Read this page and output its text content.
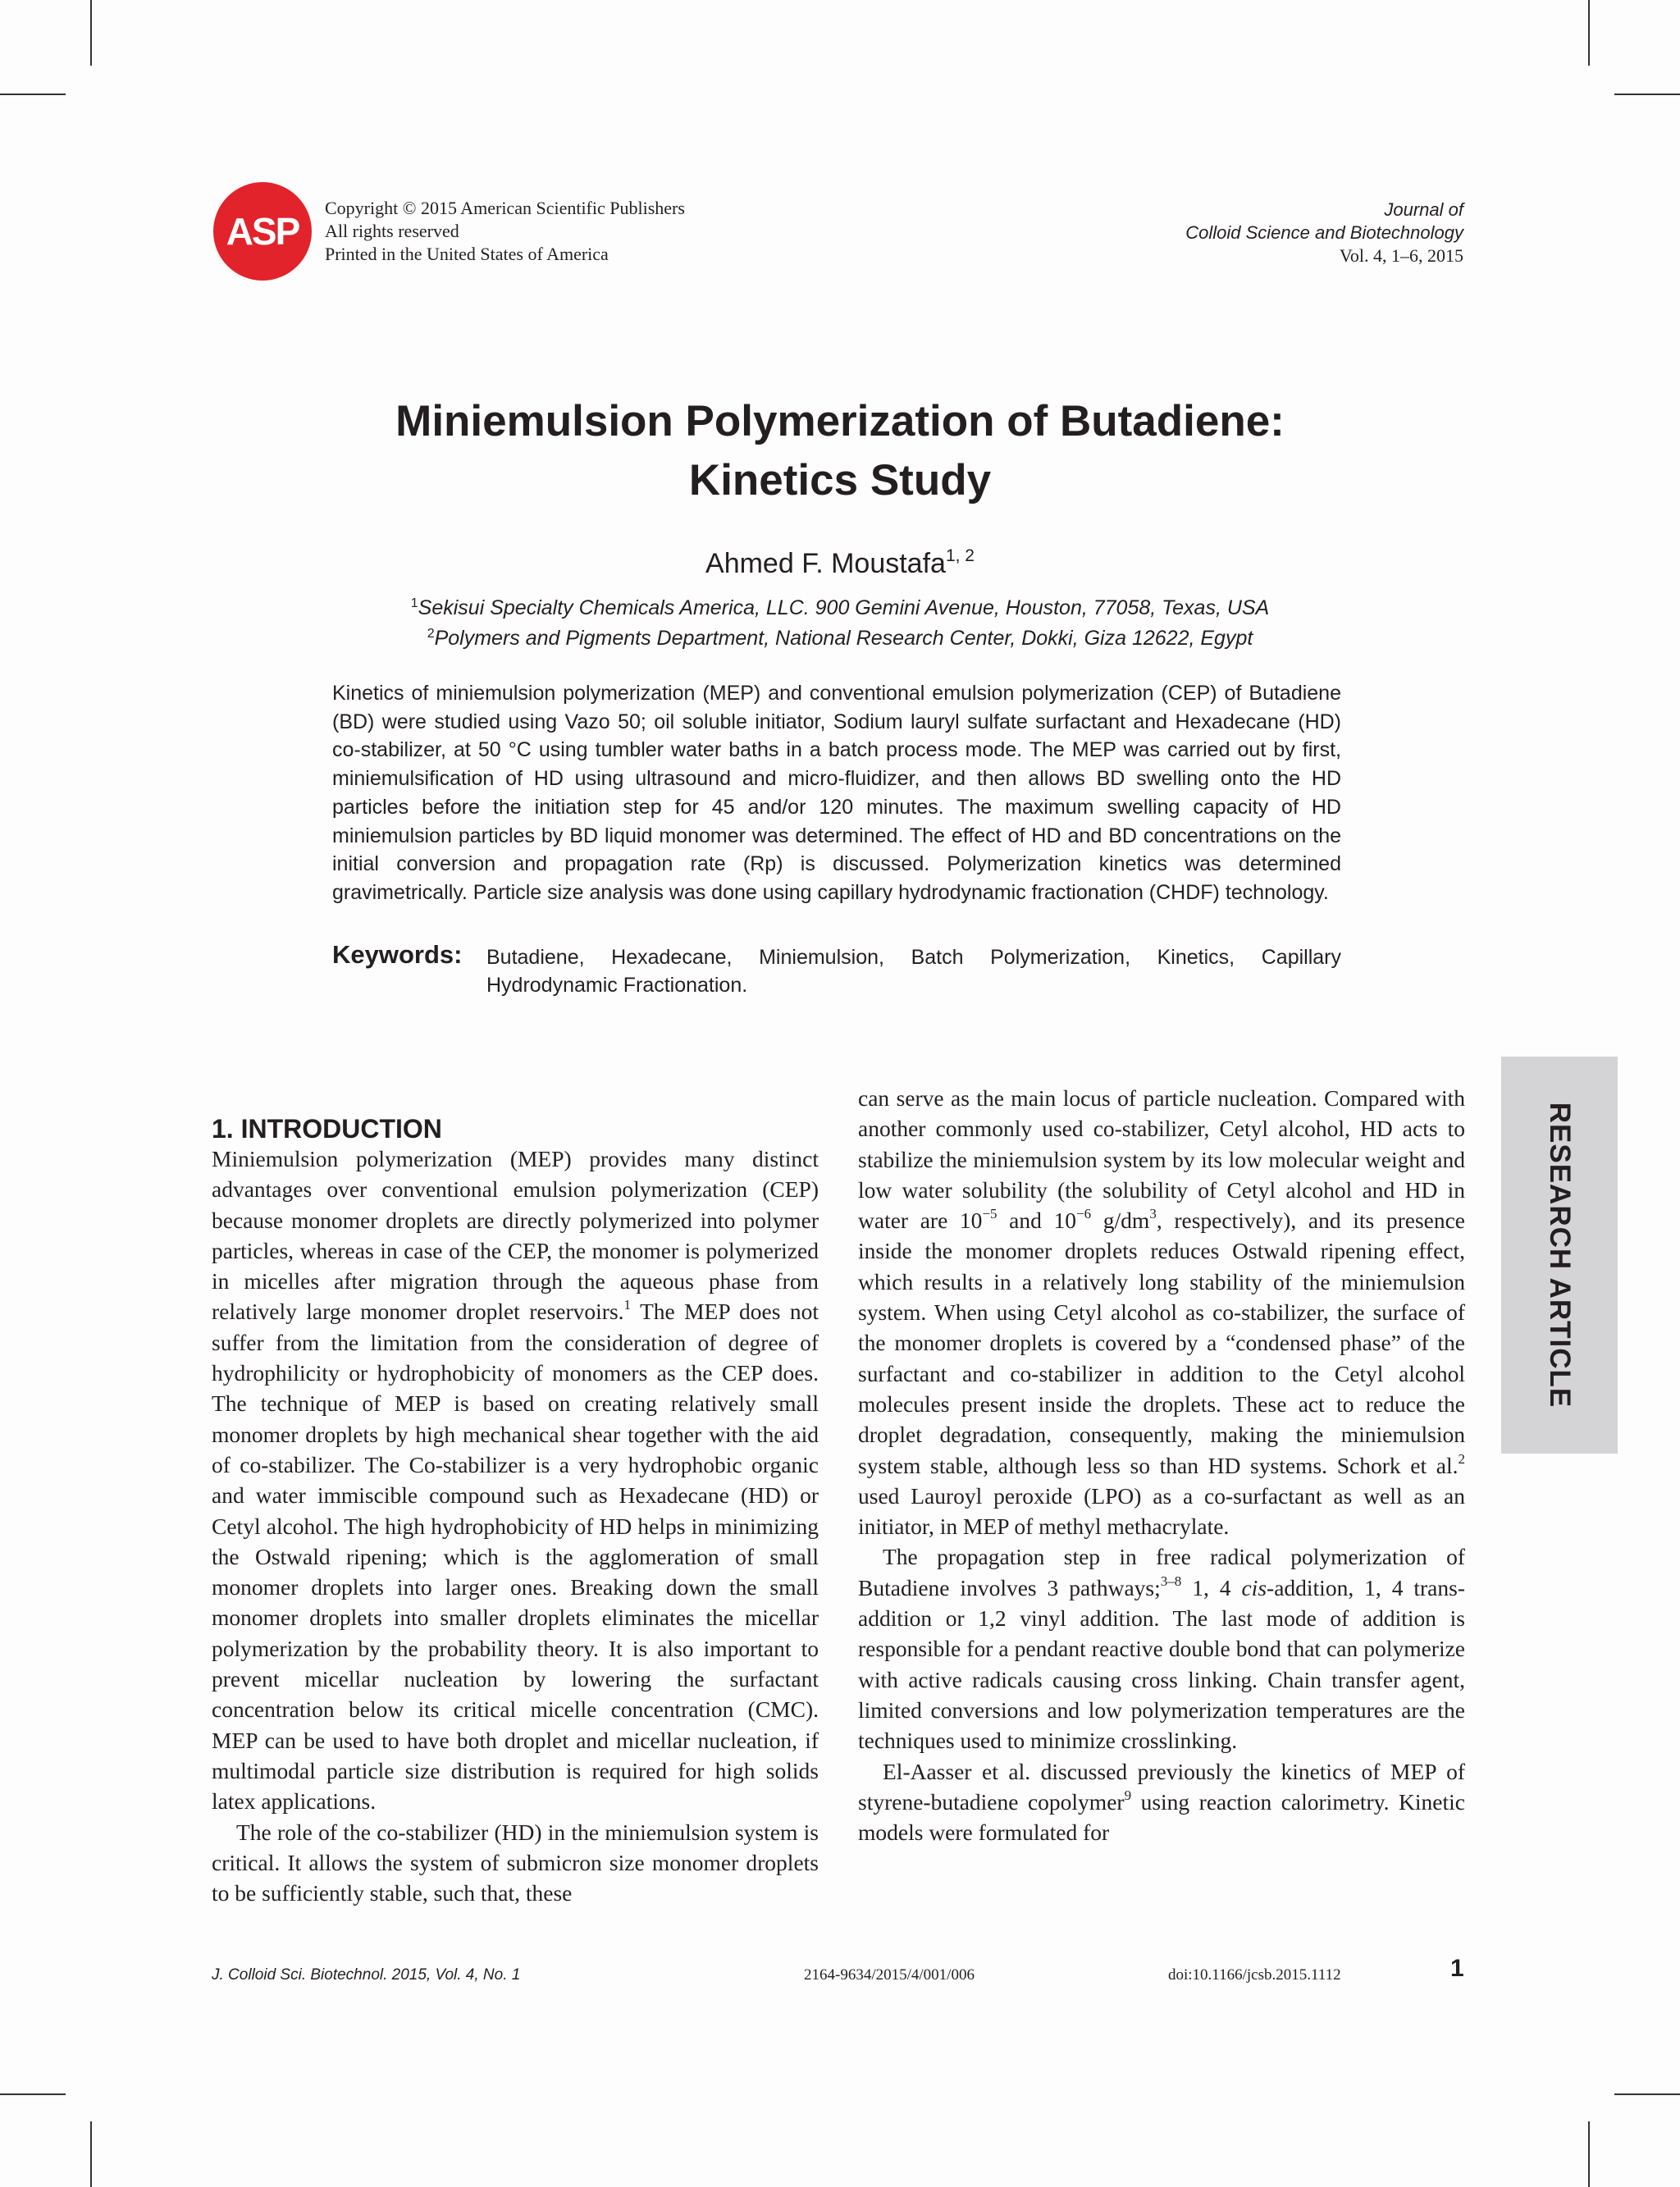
ASP
Copyright © 2015 American Scientific Publishers
All rights reserved
Printed in the United States of America
Journal of
Colloid Science and Biotechnology
Vol. 4, 1–6, 2015
Miniemulsion Polymerization of Butadiene:
Kinetics Study
Ahmed F. Moustafa$^{1, 2}$
$^1$Sekisui Specialty Chemicals America, LLC. 900 Gemini Avenue, Houston, 77058, Texas, USA
$^2$Polymers and Pigments Department, National Research Center, Dokki, Giza 12622, Egypt
Kinetics of miniemulsion polymerization (MEP) and conventional emulsion polymerization (CEP) of Butadiene (BD) were studied using Vazo 50; oil soluble initiator, Sodium lauryl sulfate surfactant and Hexadecane (HD) co-stabilizer, at 50 °C using tumbler water baths in a batch process mode. The MEP was carried out by first, miniemulsification of HD using ultrasound and micro-fluidizer, and then allows BD swelling onto the HD particles before the initiation step for 45 and/or 120 minutes. The maximum swelling capacity of HD miniemulsion particles by BD liquid monomer was determined. The effect of HD and BD concentrations on the initial conversion and propagation rate (Rp) is discussed. Polymerization kinetics was determined gravimetrically. Particle size analysis was done using capillary hydrodynamic fractionation (CHDF) technology.
Keywords: Butadiene, Hexadecane, Miniemulsion, Batch Polymerization, Kinetics, Capillary Hydrodynamic Fractionation.
1. INTRODUCTION

Miniemulsion polymerization (MEP) provides many distinct advantages over conventional emulsion polymerization (CEP) because monomer droplets are directly polymerized into polymer particles, whereas in case of the CEP, the monomer is polymerized in micelles after migration through the aqueous phase from relatively large monomer droplet reservoirs.$^1$ The MEP does not suffer from the limitation from the consideration of degree of hydrophilicity or hydrophobicity of monomers as the CEP does. The technique of MEP is based on creating relatively small monomer droplets by high mechanical shear together with the aid of co-stabilizer. The Co-stabilizer is a very hydrophobic organic and water immiscible compound such as Hexadecane (HD) or Cetyl alcohol. The high hydrophobicity of HD helps in minimizing the Ostwald ripening; which is the agglomeration of small monomer droplets into larger ones. Breaking down the small monomer droplets into smaller droplets eliminates the micellar polymerization by the probability theory. It is also important to prevent micellar nucleation by lowering the surfactant concentration below its critical micelle concentration (CMC). MEP can be used to have both droplet and micellar nucleation, if multimodal particle size distribution is required for high solids latex applications.

The role of the co-stabilizer (HD) in the miniemulsion system is critical. It allows the system of submicron size monomer droplets to be sufficiently stable, such that, these

can serve as the main locus of particle nucleation. Compared with another commonly used co-stabilizer, Cetyl alcohol, HD acts to stabilize the miniemulsion system by its low molecular weight and low water solubility (the solubility of Cetyl alcohol and HD in water are $10^{-5}$ and $10^{-6}$ $g/dm^3$, respectively), and its presence inside the monomer droplets reduces Ostwald ripening effect, which results in a relatively long stability of the miniemulsion system. When using Cetyl alcohol as co-stabilizer, the surface of the monomer droplets is covered by a “condensed phase” of the surfactant and co-stabilizer in addition to the Cetyl alcohol molecules present inside the droplets. These act to reduce the droplet degradation, consequently, making the miniemulsion system stable, although less so than HD systems. Schork et al.$^2$ used Lauroyl peroxide (LPO) as a co-surfactant as well as an initiator, in MEP of methyl methacrylate.

The propagation step in free radical polymerization of Butadiene involves 3 pathways;$^{3-8}$ 1, 4 cis-addition, 1, 4 trans-addition or 1,2 vinyl addition. The last mode of addition is responsible for a pendant reactive double bond that can polymerize with active radicals causing cross linking. Chain transfer agent, limited conversions and low polymerization temperatures are the techniques used to minimize crosslinking.

El-Aasser et al. discussed previously the kinetics of MEP of styrene-butadiene copolymer$^9$ using reaction calorimetry. Kinetic models were formulated for

RESEARCH ARTICLE
J. Colloid Sci. Biotechnol. 2015, Vol. 4, No. 1	2164-9634/2015/4/001/006	doi:10.1166/jcsb.2015.1112	1
